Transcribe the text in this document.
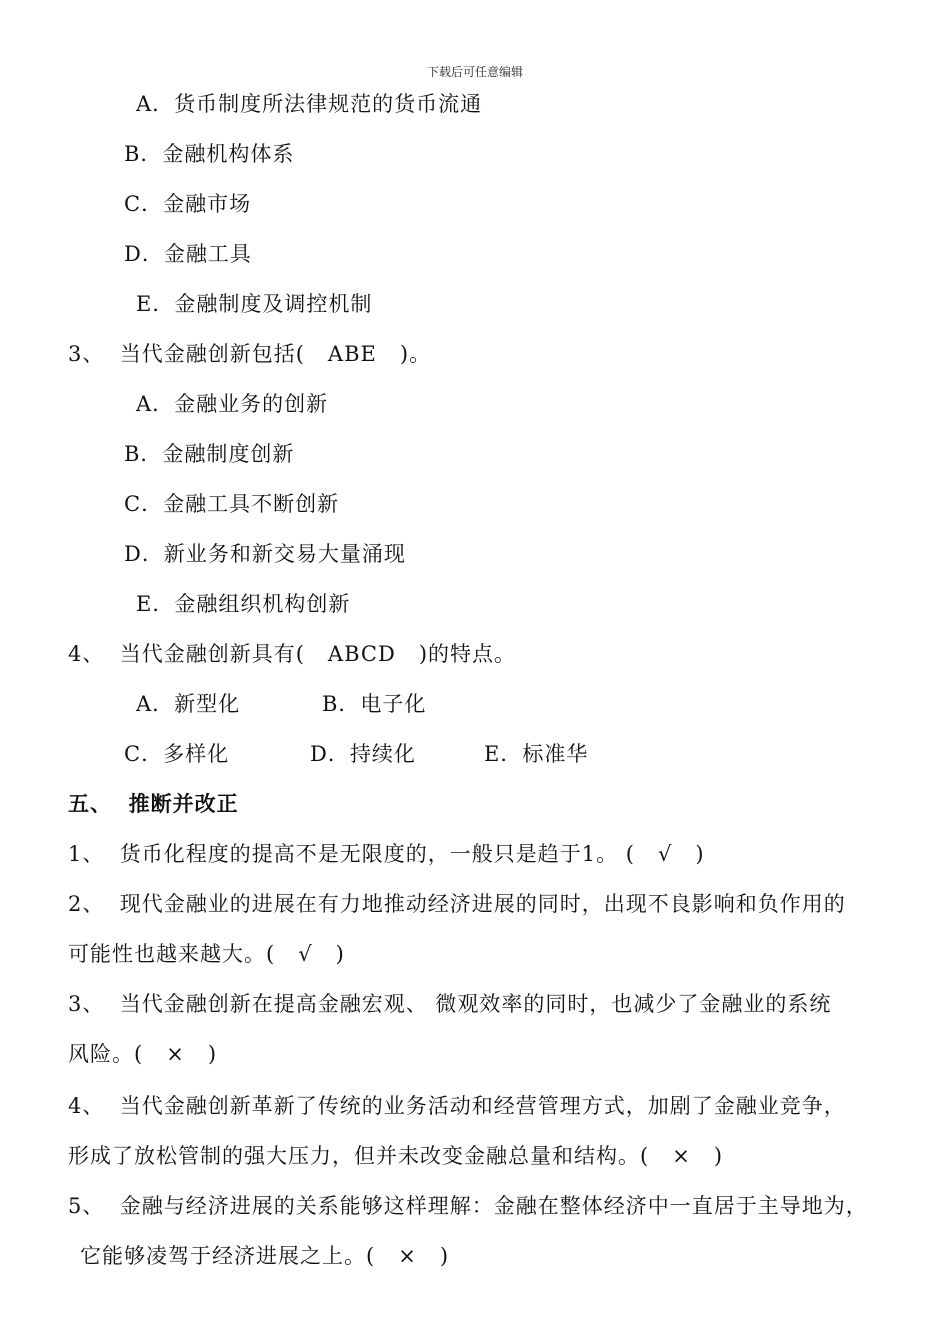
下载后可任意编辑
A．货币制度所法律规范的货币流通
B．金融机构体系
C．金融市场
D．金融工具
E．金融制度及调控机制
3、  当代金融创新包括(   ABE   )。
A．金融业务的创新
B．金融制度创新
C．金融工具不断创新
D．新业务和新交易大量涌现
E．金融组织机构创新
4、  当代金融创新具有(   ABCD   )的特点。
A．新型化	B．电子化
C．多样化	D．持续化	E．标准华
五、  推断并改正
1、  货币化程度的提高不是无限度的，一般只是趋于1。 (   √   )
2、  现代金融业的进展在有力地推动经济进展的同时，出现不良影响和负作用的
可能性也越来越大。(   √   )
3、  当代金融创新在提高金融宏观、 微观效率的同时，也减少了金融业的系统
风险。(   ×   )
4、  当代金融创新革新了传统的业务活动和经营管理方式，加剧了金融业竞争，
形成了放松管制的强大压力，但并未改变金融总量和结构。(   ×   )
5、  金融与经济进展的关系能够这样理解：金融在整体经济中一直居于主导地为，
它能够凌驾于经济进展之上。(   ×   )
